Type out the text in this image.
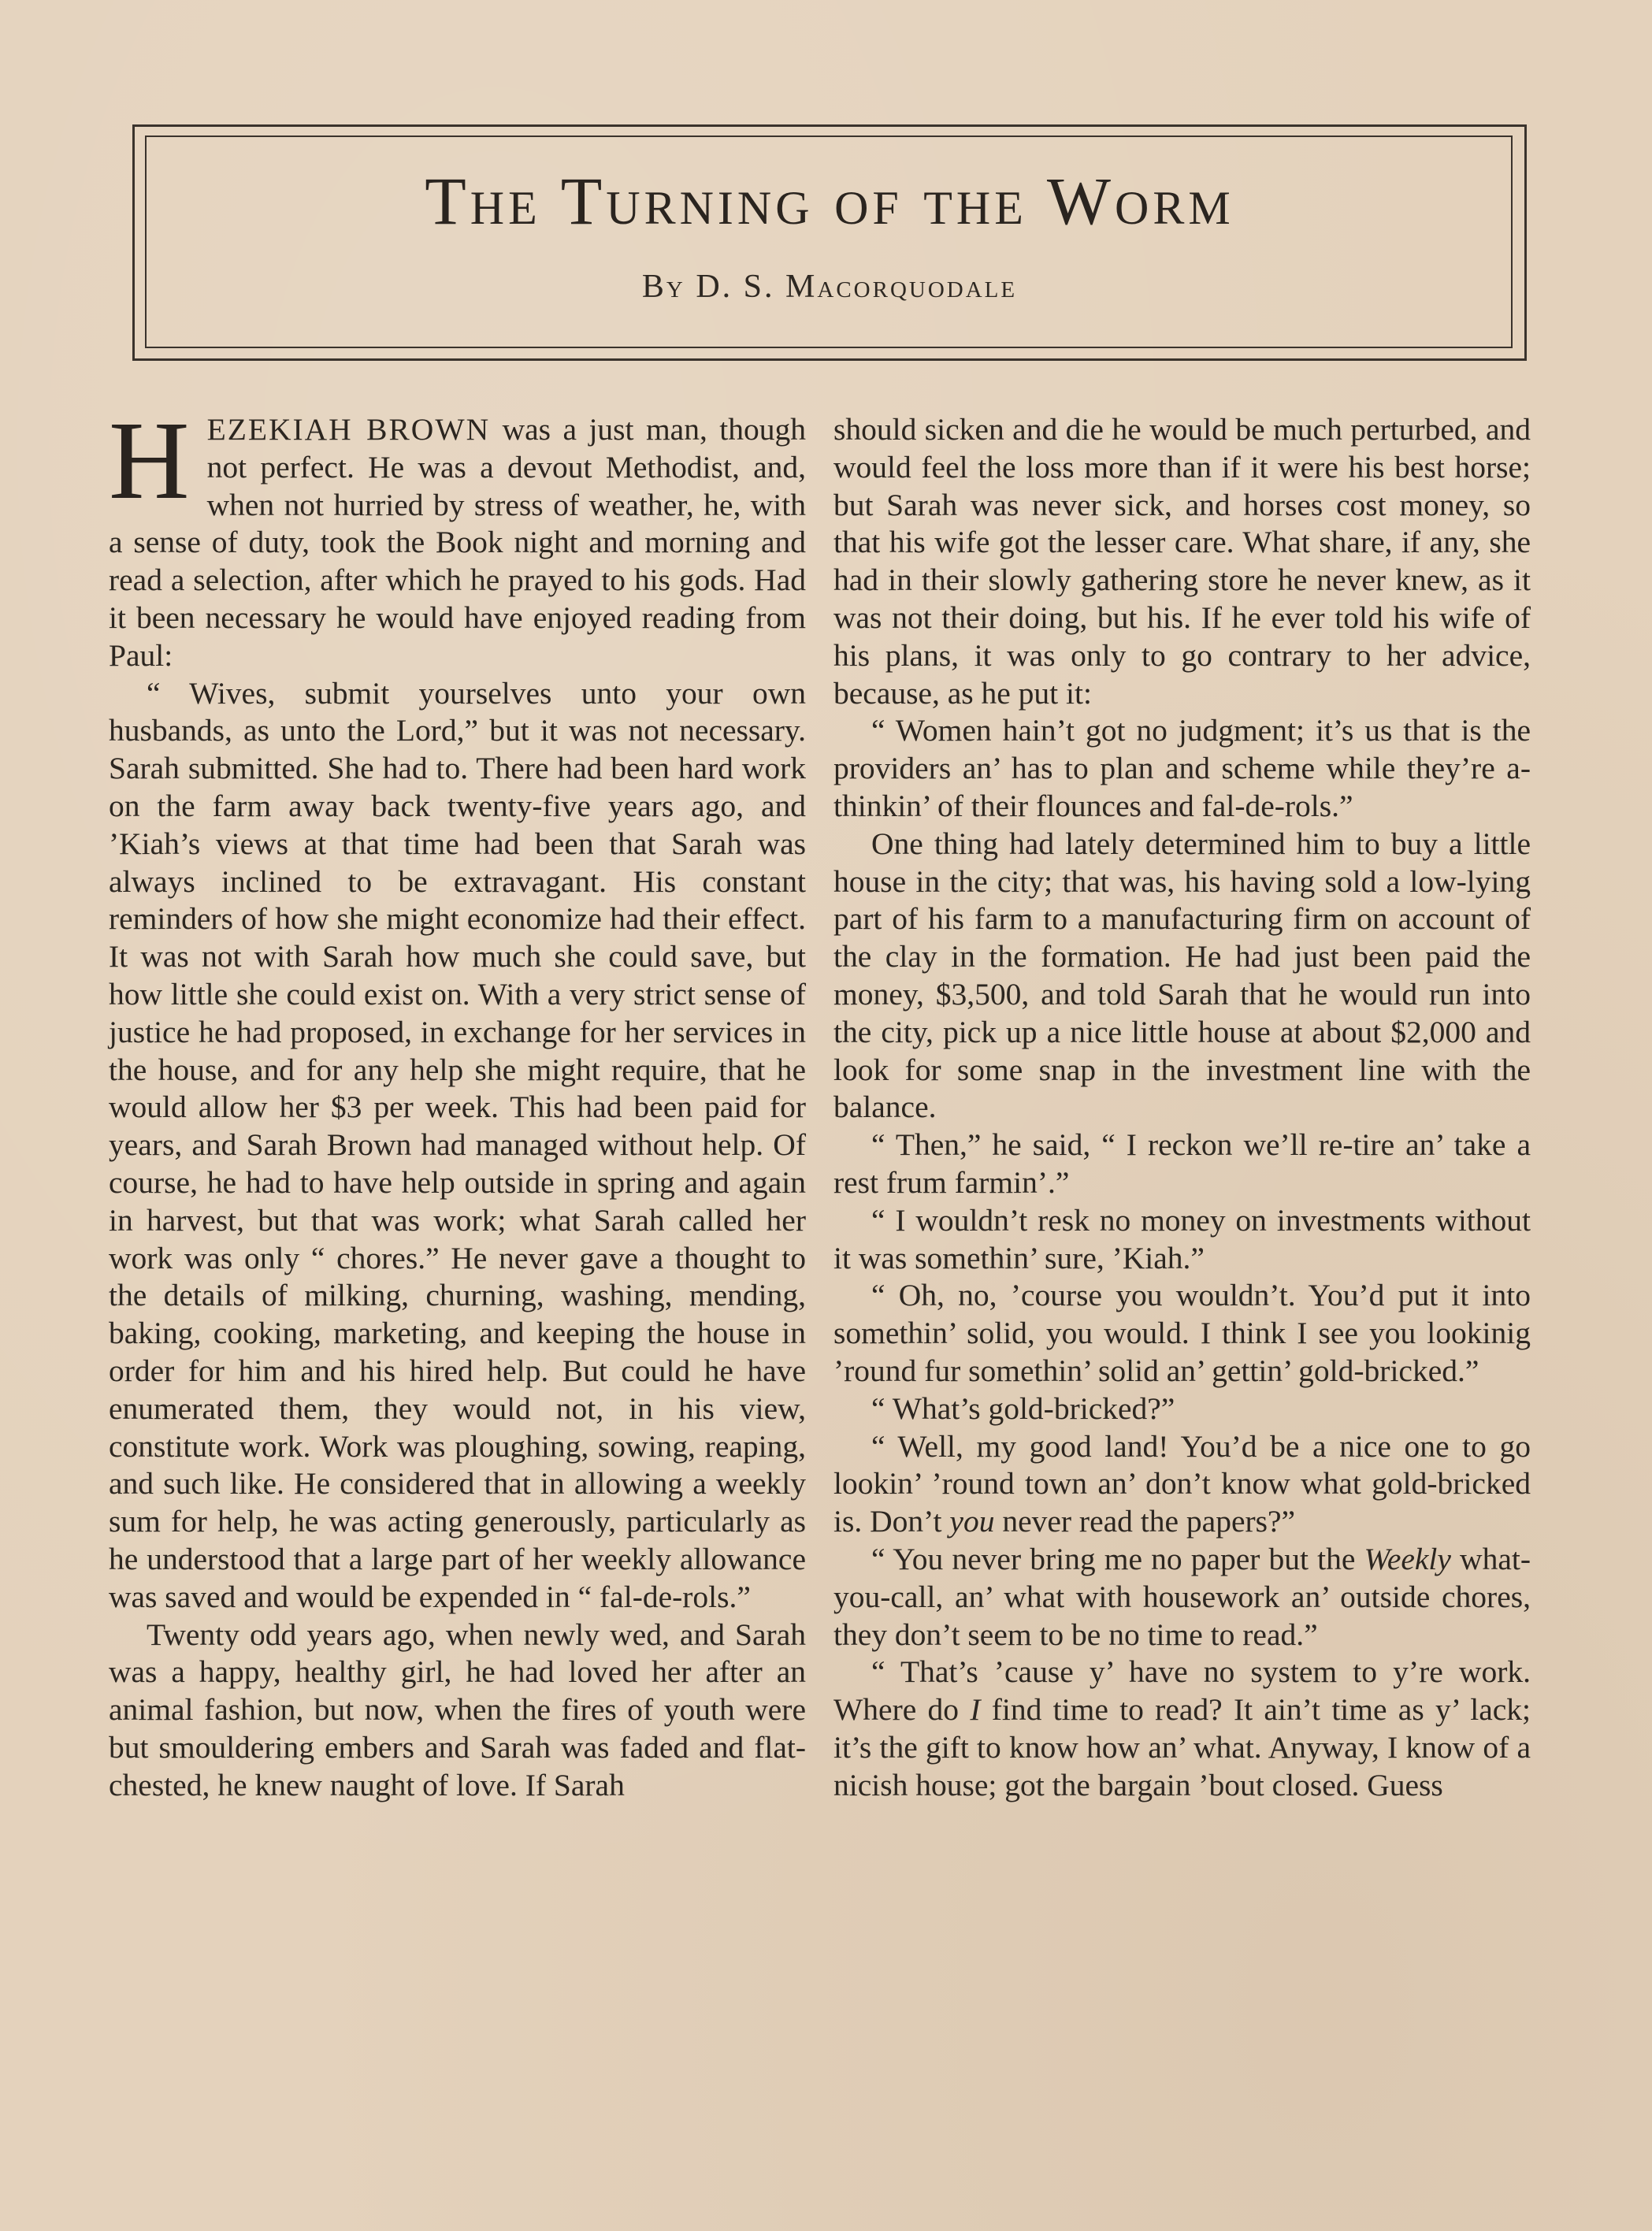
The Turning of the Worm
By D. S. Macorquodale

HEZEKIAH BROWN was a just man, though not perfect. He was a devout Methodist, and, when not hurried by stress of weather, he, with a sense of duty, took the Book night and morning and read a selection, after which he prayed to his gods. Had it been necessary he would have enjoyed reading from Paul:

“ Wives, submit yourselves unto your own husbands, as unto the Lord,” but it was not necessary. Sarah submitted. She had to. There had been hard work on the farm away back twenty-five years ago, and ’Kiah’s views at that time had been that Sarah was always inclined to be extravagant. His constant reminders of how she might economize had their effect. It was not with Sarah how much she could save, but how little she could exist on. With a very strict sense of justice he had proposed, in exchange for her services in the house, and for any help she might require, that he would allow her $3 per week. This had been paid for years, and Sarah Brown had managed without help. Of course, he had to have help outside in spring and again in harvest, but that was work; what Sarah called her work was only “ chores.” He never gave a thought to the details of milking, churning, washing, mending, baking, cooking, marketing, and keeping the house in order for him and his hired help. But could he have enumerated them, they would not, in his view, constitute work. Work was ploughing, sowing, reaping, and such like. He considered that in allowing a weekly sum for help, he was acting generously, particularly as he understood that a large part of her weekly allowance was saved and would be expended in “ fal-de-rols.”

Twenty odd years ago, when newly wed, and Sarah was a happy, healthy girl, he had loved her after an animal fashion, but now, when the fires of youth were but smouldering embers and Sarah was faded and flat-chested, he knew naught of love. If Sarah

should sicken and die he would be much perturbed, and would feel the loss more than if it were his best horse; but Sarah was never sick, and horses cost money, so that his wife got the lesser care. What share, if any, she had in their slowly gathering store he never knew, as it was not their doing, but his. If he ever told his wife of his plans, it was only to go contrary to her advice, because, as he put it:

“ Women hain’t got no judgment; it’s us that is the providers an’ has to plan and scheme while they’re a-thinkin’ of their flounces and fal-de-rols.”

One thing had lately determined him to buy a little house in the city; that was, his having sold a low-lying part of his farm to a manufacturing firm on account of the clay in the formation. He had just been paid the money, $3,500, and told Sarah that he would run into the city, pick up a nice little house at about $2,000 and look for some snap in the investment line with the balance.

“ Then,” he said, “ I reckon we’ll re-tire an’ take a rest frum farmin’.”

“ I wouldn’t resk no money on investments without it was somethin’ sure, ’Kiah.”

“ Oh, no, ’course you wouldn’t. You’d put it into somethin’ solid, you would. I think I see you lookinig ’round fur somethin’ solid an’ gettin’ gold-bricked.”

“ What’s gold-bricked?”

“ Well, my good land! You’d be a nice one to go lookin’ ’round town an’ don’t know what gold-bricked is. Don’t you never read the papers?”

“ You never bring me no paper but the Weekly what-you-call, an’ what with housework an’ outside chores, they don’t seem to be no time to read.”

“ That’s ’cause y’ have no system to y’re work. Where do I find time to read? It ain’t time as y’ lack; it’s the gift to know how an’ what. Anyway, I know of a nicish house; got the bargain ’bout closed. Guess
